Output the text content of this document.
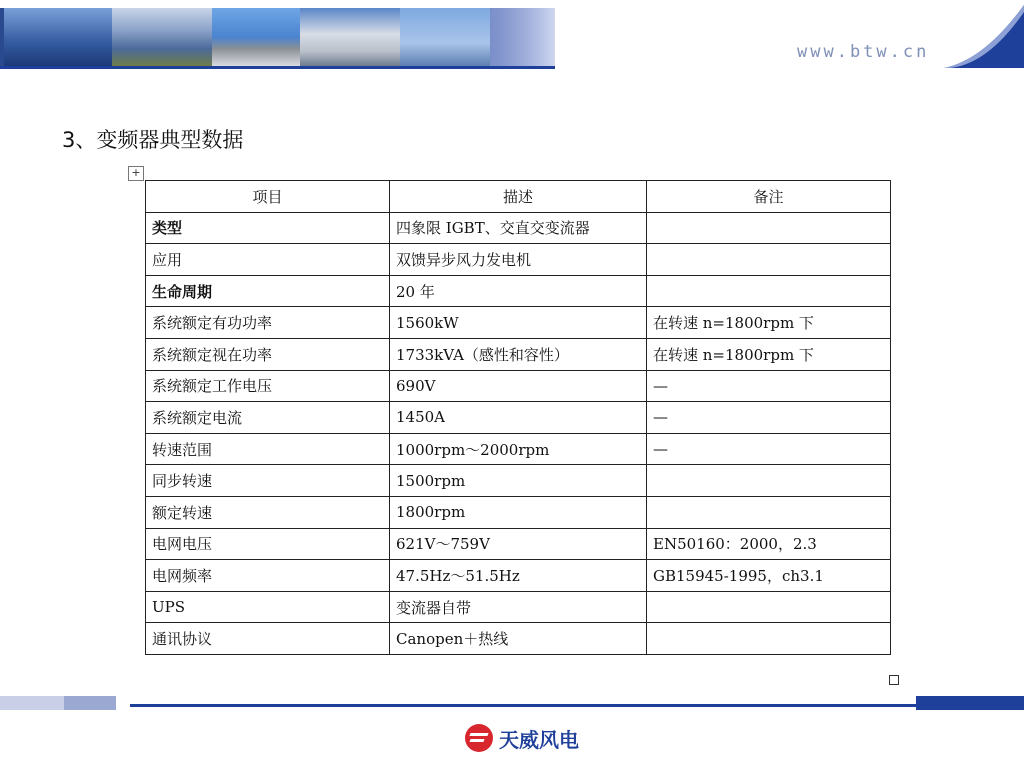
www.btw.cn
3、变频器典型数据
+
项目	描述	备注
类型	四象限 IGBT、交直交变流器	
应用	双馈异步风力发电机	
生命周期	20 年	
系统额定有功功率	1560kW	在转速 n=1800rpm 下
系统额定视在功率	1733kVA（感性和容性）	在转速 n=1800rpm 下
系统额定工作电压	690V	—
系统额定电流	1450A	—
转速范围	1000rpm～2000rpm	—
同步转速	1500rpm	
额定转速	1800rpm	
电网电压	621V～759V	EN50160：2000，2.3
电网频率	47.5Hz～51.5Hz	GB15945-1995，ch3.1
UPS	变流器自带	
通讯协议	Canopen＋热线	
天威风电
